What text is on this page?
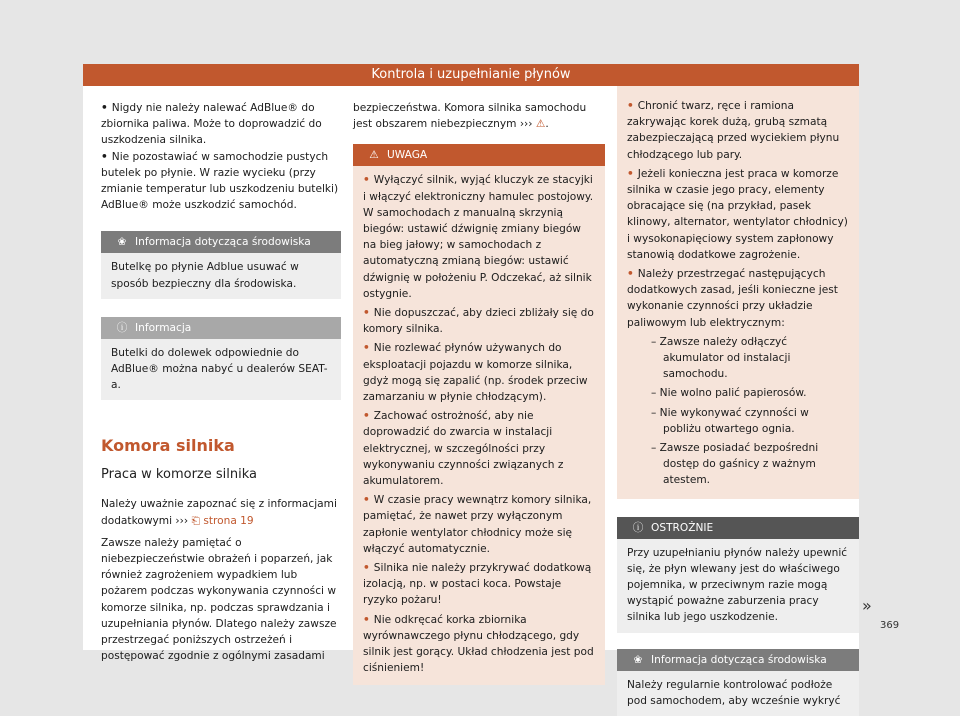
Kontrola i uzupełnianie płynów

• Nigdy nie należy nalewać AdBlue® do zbiornika paliwa. Może to doprowadzić do uszkodzenia silnika.

• Nie pozostawiać w samochodzie pustych butelek po płynie. W razie wycieku (przy zmianie temperatur lub uszkodzeniu butelki) AdBlue® może uszkodzić samochód.

❀ Informacja dotycząca środowiska
Butelkę po płynie Adblue usuwać w sposób bezpieczny dla środowiska.
ⓘ Informacja
Butelki do dolewek odpowiednie do AdBlue® można nabyć u dealerów SEAT-a.
Komora silnika
Praca w komorze silnika

Należy uważnie zapoznać się z informacjami dodatkowymi ››› ⎗ strona 19

Zawsze należy pamiętać o niebezpieczeństwie obrażeń i poparzeń, jak również zagrożeniem wypadkiem lub pożarem podczas wykonywania czynności w komorze silnika, np. podczas sprawdzania i uzupełniania płynów. Dlatego należy zawsze przestrzegać poniższych ostrzeżeń i postępować zgodnie z ogólnymi zasadami

bezpieczeństwa. Komora silnika samochodu jest obszarem niebezpiecznym ››› ⚠.

⚠ UWAGA

• Wyłączyć silnik, wyjąć kluczyk ze stacyjki i włączyć elektroniczny hamulec postojowy. W samochodach z manualną skrzynią biegów: ustawić dźwignię zmiany biegów na bieg jałowy; w samochodach z automatyczną zmianą biegów: ustawić dźwignię w położeniu P. Odczekać, aż silnik ostygnie.

• Nie dopuszczać, aby dzieci zbliżały się do komory silnika.

• Nie rozlewać płynów używanych do eksploatacji pojazdu w komorze silnika, gdyż mogą się zapalić (np. środek przeciw zamarzaniu w płynie chłodzącym).

• Zachować ostrożność, aby nie doprowadzić do zwarcia w instalacji elektrycznej, w szczególności przy wykonywaniu czynności związanych z akumulatorem.

• W czasie pracy wewnątrz komory silnika, pamiętać, że nawet przy wyłączonym zapłonie wentylator chłodnicy może się włączyć automatycznie.

• Silnika nie należy przykrywać dodatkową izolacją, np. w postaci koca. Powstaje ryzyko pożaru!

• Nie odkręcać korka zbiornika wyrównawczego płynu chłodzącego, gdy silnik jest gorący. Układ chłodzenia jest pod ciśnieniem!

• Chronić twarz, ręce i ramiona zakrywając korek dużą, grubą szmatą zabezpieczającą przed wyciekiem płynu chłodzącego lub pary.

• Jeżeli konieczna jest praca w komorze silnika w czasie jego pracy, elementy obracające się (na przykład, pasek klinowy, alternator, wentylator chłodnicy) i wysokonapięciowy system zapłonowy stanowią dodatkowe zagrożenie.

• Należy przestrzegać następujących dodatkowych zasad, jeśli konieczne jest wykonanie czynności przy układzie paliwowym lub elektrycznym:

– Zawsze należy odłączyć akumulator od instalacji samochodu.

– Nie wolno palić papierosów.

– Nie wykonywać czynności w pobliżu otwartego ognia.

– Zawsze posiadać bezpośredni dostęp do gaśnicy z ważnym atestem.

ⓘ OSTROŻNIE
Przy uzupełnianiu płynów należy upewnić się, że płyn wlewany jest do właściwego pojemnika, w przeciwnym razie mogą wystąpić poważne zaburzenia pracy silnika lub jego uszkodzenie.
❀ Informacja dotycząca środowiska
Należy regularnie kontrolować podłoże pod samochodem, aby wcześnie wykryć
»
369
